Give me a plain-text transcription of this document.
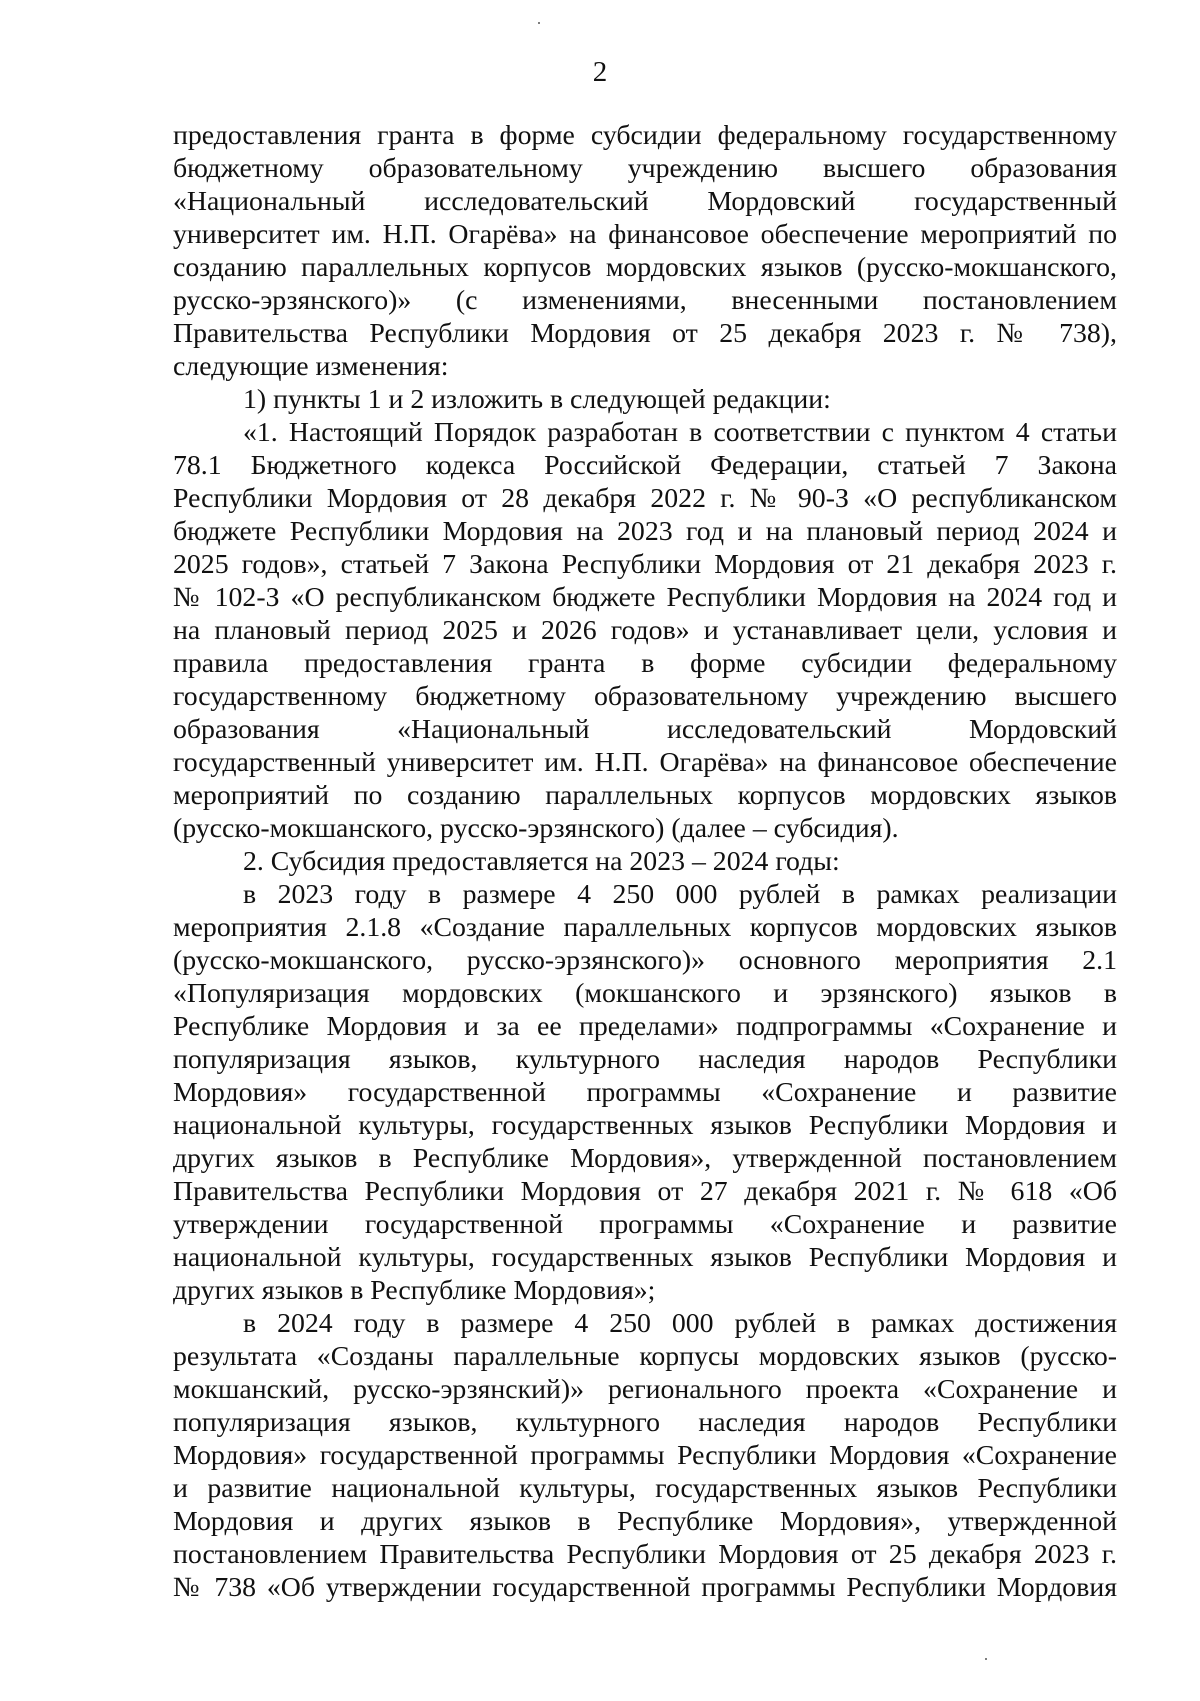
2
предоставления гранта в форме субсидии федеральному государственному
бюджетному образовательному учреждению высшего образования
«Национальный исследовательский Мордовский государственный
университет им. Н.П. Огарёва» на финансовое обеспечение мероприятий по
созданию параллельных корпусов мордовских языков (русско-мокшанского,
русско-эрзянского)» (с изменениями, внесенными постановлением
Правительства Республики Мордовия от 25 декабря 2023 г. № 738),
следующие изменения:
1) пункты 1 и 2 изложить в следующей редакции:
«1. Настоящий Порядок разработан в соответствии с пунктом 4 статьи
78.1 Бюджетного кодекса Российской Федерации, статьей 7 Закона
Республики Мордовия от 28 декабря 2022 г. № 90-З «О республиканском
бюджете Республики Мордовия на 2023 год и на плановый период 2024 и
2025 годов», статьей 7 Закона Республики Мордовия от 21 декабря 2023 г.
№ 102-З «О республиканском бюджете Республики Мордовия на 2024 год и
на плановый период 2025 и 2026 годов» и устанавливает цели, условия и
правила предоставления гранта в форме субсидии федеральному
государственному бюджетному образовательному учреждению высшего
образования «Национальный исследовательский Мордовский
государственный университет им. Н.П. Огарёва» на финансовое обеспечение
мероприятий по созданию параллельных корпусов мордовских языков
(русско-мокшанского, русско-эрзянского) (далее – субсидия).
2. Субсидия предоставляется на 2023 – 2024 годы:
в 2023 году в размере 4 250 000 рублей в рамках реализации
мероприятия 2.1.8 «Создание параллельных корпусов мордовских языков
(русско-мокшанского, русско-эрзянского)» основного мероприятия 2.1
«Популяризация мордовских (мокшанского и эрзянского) языков в
Республике Мордовия и за ее пределами» подпрограммы «Сохранение и
популяризация языков, культурного наследия народов Республики
Мордовия» государственной программы «Сохранение и развитие
национальной культуры, государственных языков Республики Мордовия и
других языков в Республике Мордовия», утвержденной постановлением
Правительства Республики Мордовия от 27 декабря 2021 г. № 618 «Об
утверждении государственной программы «Сохранение и развитие
национальной культуры, государственных языков Республики Мордовия и
других языков в Республике Мордовия»;
в 2024 году в размере 4 250 000 рублей в рамках достижения
результата «Созданы параллельные корпусы мордовских языков (русско-
мокшанский, русско-эрзянский)» регионального проекта «Сохранение и
популяризация языков, культурного наследия народов Республики
Мордовия» государственной программы Республики Мордовия «Сохранение
и развитие национальной культуры, государственных языков Республики
Мордовия и других языков в Республике Мордовия», утвержденной
постановлением Правительства Республики Мордовия от 25 декабря 2023 г.
№ 738 «Об утверждении государственной программы Республики Мордовия
